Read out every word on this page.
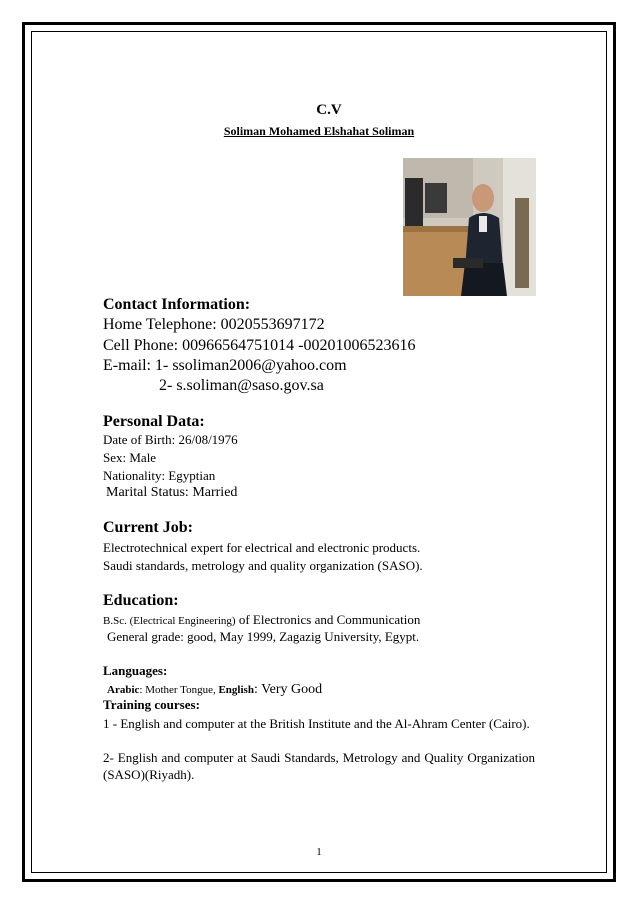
C.V
Soliman Mohamed Elshahat Soliman
Contact Information:
Home Telephone: 0020553697172
Cell Phone: 00966564751014 -00201006523616
E-mail: 1- ssoliman2006@yahoo.com
2- s.soliman@saso.gov.sa
Personal Data:
Date of Birth: 26/08/1976
Sex: Male
Nationality: Egyptian
Marital Status: Married
Current Job:
Electrotechnical expert for electrical and electronic products.
Saudi standards, metrology and quality organization (SASO).
Education:
B.Sc. (Electrical Engineering) of Electronics and Communication
General grade: good, May 1999, Zagazig University, Egypt.
Languages:
Arabic: Mother Tongue, English: Very Good
Training courses:
1 - English and computer at the British Institute and the Al-Ahram Center (Cairo).
2- English and computer at Saudi Standards, Metrology and Quality Organization (SASO)(Riyadh).
1
